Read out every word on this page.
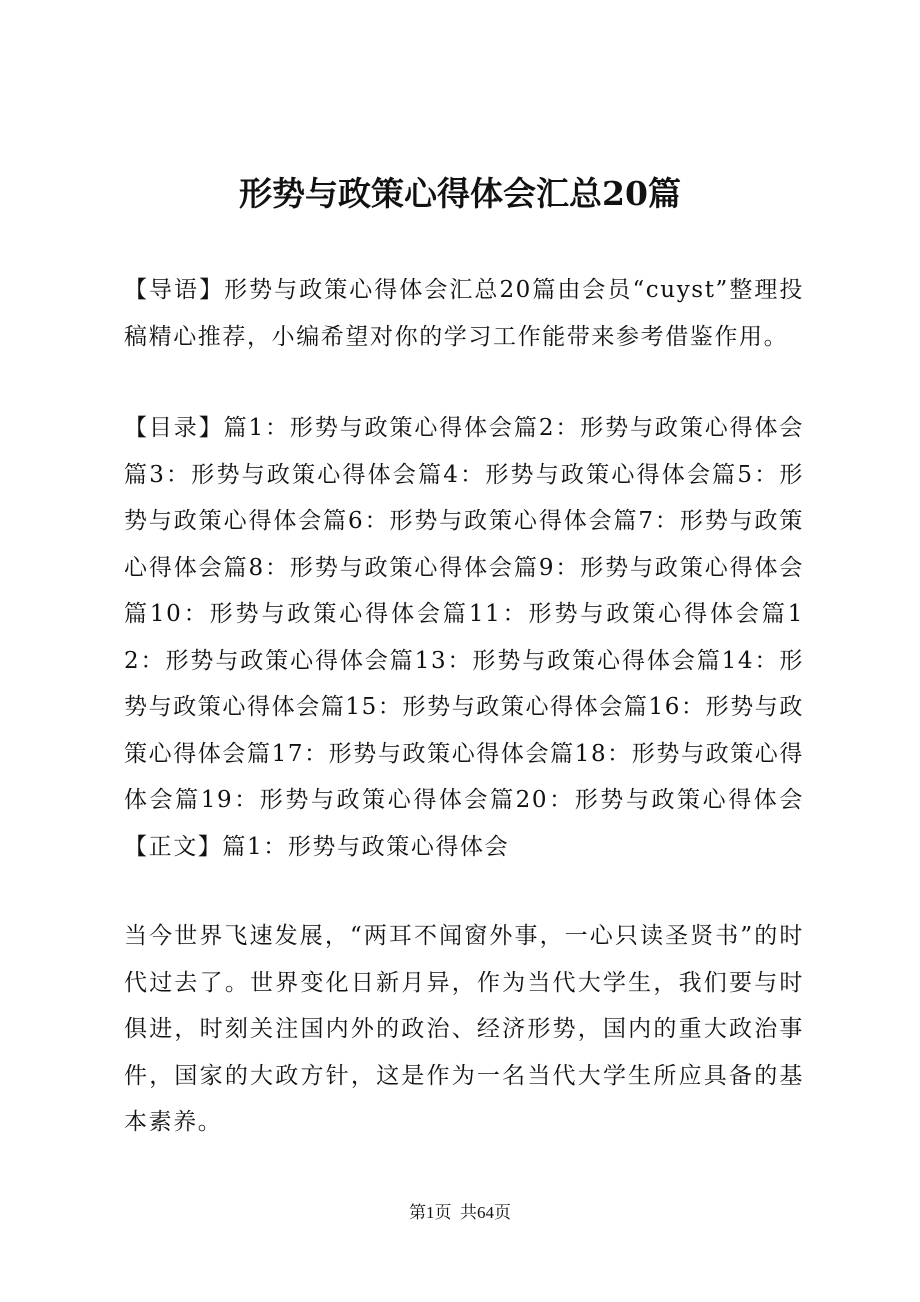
形势与政策心得体会汇总20篇

【导语】形势与政策心得体会汇总20篇由会员“cuyst”整理投稿精心推荐，小编希望对你的学习工作能带来参考借鉴作用。

【目录】篇1：形势与政策心得体会篇2：形势与政策心得体会篇3：形势与政策心得体会篇4：形势与政策心得体会篇5：形势与政策心得体会篇6：形势与政策心得体会篇7：形势与政策心得体会篇8：形势与政策心得体会篇9：形势与政策心得体会篇10：形势与政策心得体会篇11：形势与政策心得体会篇12：形势与政策心得体会篇13：形势与政策心得体会篇14：形势与政策心得体会篇15：形势与政策心得体会篇16：形势与政策心得体会篇17：形势与政策心得体会篇18：形势与政策心得体会篇19：形势与政策心得体会篇20：形势与政策心得体会【正文】篇1：形势与政策心得体会

当今世界飞速发展，“两耳不闻窗外事，一心只读圣贤书”的时代过去了。世界变化日新月异，作为当代大学生，我们要与时俱进，时刻关注国内外的政治、经济形势，国内的重大政治事件，国家的大政方针，这是作为一名当代大学生所应具备的基本素养。

第1页 共64页
